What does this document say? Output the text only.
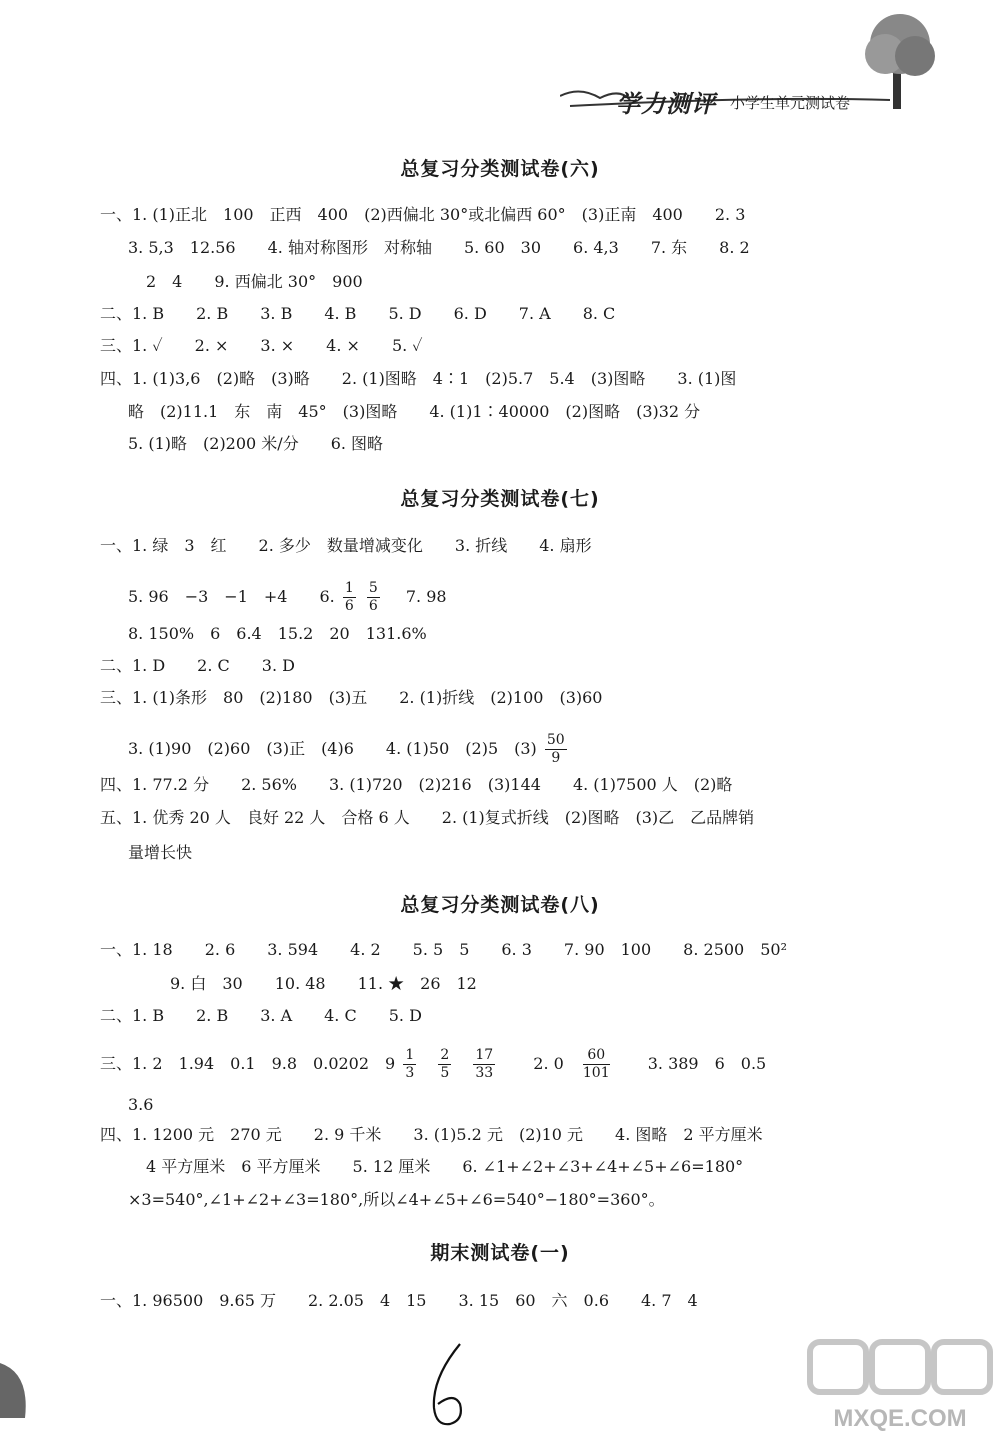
学力测评 小学生单元测试卷
总复习分类测试卷(六)
一、1. (1)正北　100　正西　400　(2)西偏北 30°或北偏西 60°　(3)正南　400　　2. 3
3. 5,3　12.56　　4. 轴对称图形　对称轴　　5. 60　30　　6. 4,3　　7. 东　　8. 2
2　4　　9. 西偏北 30°　900
二、1. B　　2. B　　3. B　　4. B　　5. D　　6. D　　7. A　　8. C
三、1. ✓　　2. ×　　3. ×　　4. ×　　5. ✓
四、1. (1)3,6　(2)略　(3)略　　2. (1)图略　4∶1　(2)5.7　5.4　(3)图略　　3. (1)图
略　(2)11.1　东　南　45°　(3)图略　　4. (1)1∶40000　(2)图略　(3)32 分
5. (1)略　(2)200 米/分　　6. 图略
总复习分类测试卷(七)
一、1. 绿　3　红　　2. 多少　数量增减变化　　3. 折线　　4. 扇形
5. 96　−3　−1　+4　　6. $\frac{1}{6}$
$\frac{5}{6} 7$. 98
8. 150%　6　6.4　15.2　20　131.6%
二、1. D　　2. C　　3. D
三、1. (1)条形　80　(2)180　(3)五　　2. (1)折线　(2)100　(3)60
3. (1)90　(2)60　(3)正　(4)6　　4. (1)50　(2)5　$(3) \frac{50}{9}$
四、1. 77.2 分　　2. 56%　　3. (1)720　(2)216　(3)144　　4. (1)7500 人　(2)略
五、1. 优秀 20 人　良好 22 人　合格 6 人　　2. (1)复式折线　(2)图略　(3)乙　乙品牌销
量增长快
总复习分类测试卷(八)
一、1. 18　　2. 6　　3. 594　　4. 2　　5. 5　5　　6. 3　　7. 90　100　　8. 2500　50²
9. 白　30　　10. 48　　11. ★　26　12
二、1. B　　2. B　　3. A　　4. C　　5. D
三、1. 2　1.94　0.1　9.8　0.0202　$9 \frac{1}{3}$
$\frac{2}{5}$
$\frac{17}{33} 2$. $0 \frac{60}{101} 3$. 389　6　0.5
3.6
四、1. 1200 元　270 元　　2. 9 千米　　3. (1)5.2 元　(2)10 元　　4. 图略　2 平方厘米
4 平方厘米　6 平方厘米　　5. 12 厘米　　6. ∠1+∠2+∠3+∠4+∠5+∠6=180°
×3=540°,∠1+∠2+∠3=180°,所以∠4+∠5+∠6=540°−180°=360°。
期末测试卷(一)
一、1. 96500　9.65 万　　2. 2.05　4　15　　3. 15　60　六　0.6　　4. 7　4
MXQE.COM
